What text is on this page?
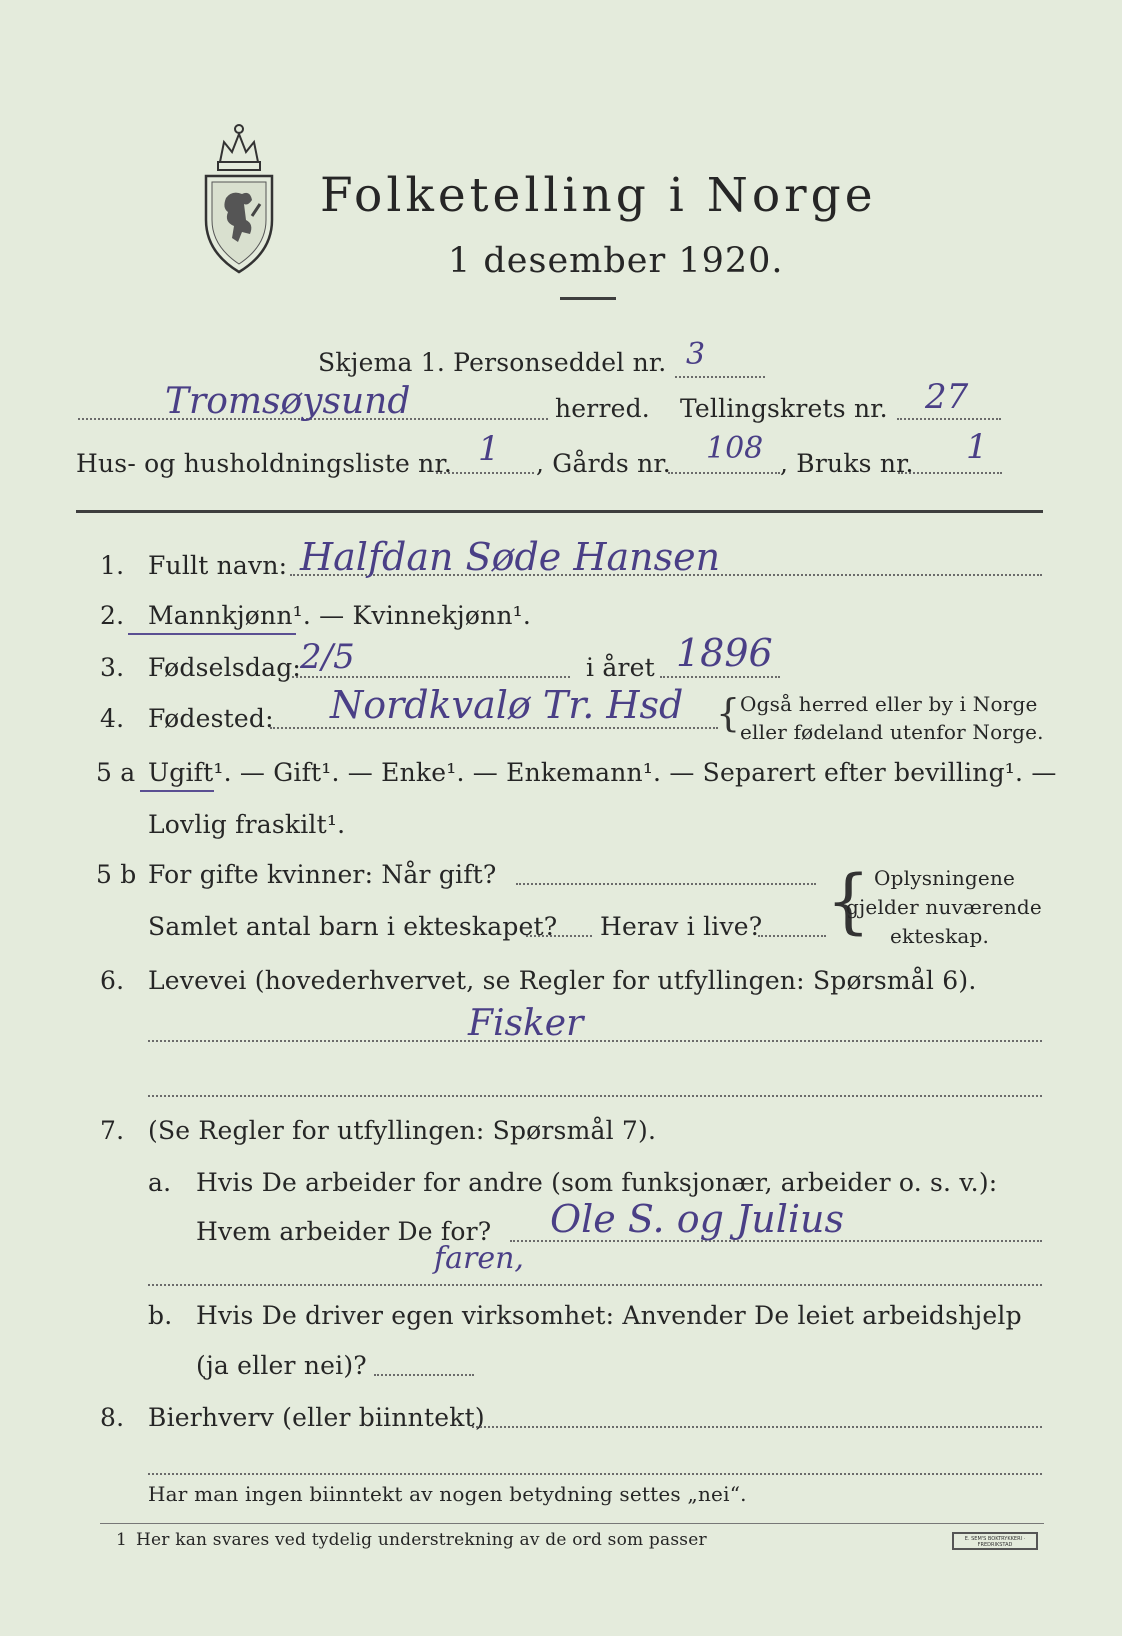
Folketelling i Norge
1 desember 1920.
Skjema 1. Personseddel nr. 3
Tromsøysund	herred. Tellingskrets nr. 27
Hus- og husholdningsliste nr. 1 , Gårds nr. 108 , Bruks nr. 1
1. Fullt navn: Halfdan Søde Hansen
2. Mannkjønn¹. — Kvinnekjønn¹.
3. Fødselsdag:
2/5	i året 1896
4. Fødested: Nordkvalø Tr. Hsd { Også herred eller by i Norge
eller fødeland utenfor Norge.
5 a Ugift¹. — Gift¹. — Enke¹. — Enkemann¹. — Separert efter bevilling¹. —
Lovlig fraskilt¹.
5 b For gifte kvinner: Når gift?
Samlet antal barn i ekteskapet? Herav i live? { Oplysningene
gjelder nuværende
ekteskap.
6. Levevei (hovederhvervet, se Regler for utfyllingen: Spørsmål 6).
Fisker
7. (Se Regler for utfyllingen: Spørsmål 7).
a. Hvis De arbeider for andre (som funksjonær, arbeider o. s. v.):
Hvem arbeider De for? Ole S. og Julius
faren,
b. Hvis De driver egen virksomhet: Anvender De leiet arbeidshjelp
(ja eller nei)?
8. Bierhverv (eller biinntekt)
Har man ingen biinntekt av nogen betydning settes „nei“.
1 Her kan svares ved tydelig understrekning av de ord som passer	E. SEM'S BOKTRYKKERI · FREDRIKSTAD
